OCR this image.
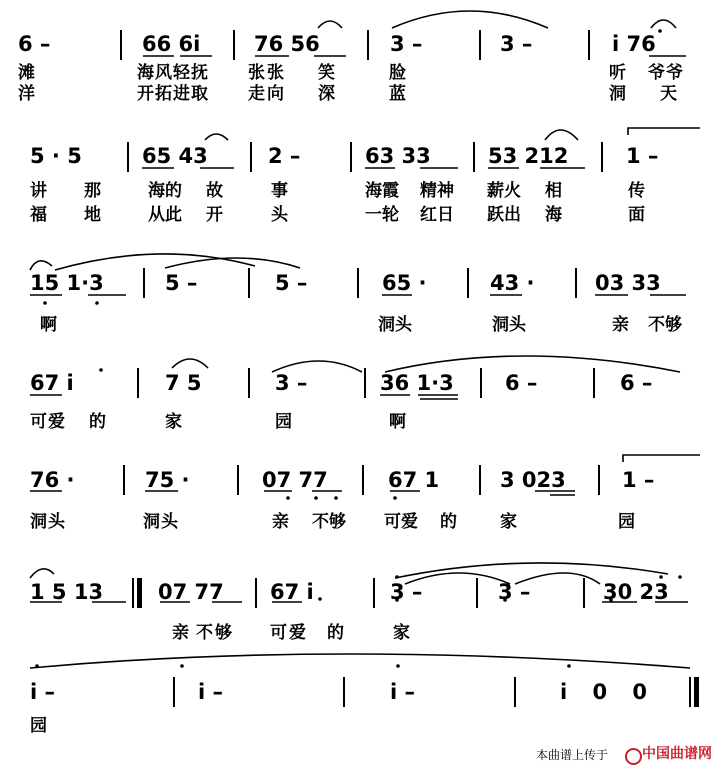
6 –	66 6i	76 56	3 –	3 –	i 76
滩	海风轻抚 张张 笑	脸	听 爷爷
洋	开拓进取 走向 深	蓝	洞 天
5 · 5	65 43	2 –	63 33	53 212	1 –
讲 那	海的 故	事	海霞 精神 薪火 相	传
福 地	从此 开	头	一轮 红日 跃出 海	面
15 1·3	5 –	5 –	65 ·	43 ·	03 33
啊	洞头	洞头	亲 不够
67 i	7 5	3 –	36 1·3 6 –	6 –
可爱 的	家	园	啊
76 ·	75 ·	07 77	67 1	3 023	1 –
洞头	洞头	亲 不够 可爱 的	家	园
1 5 13	07 77 67 i	3 –	3 –	30 23
亲 不够 可爱 的	家
i –	i –	i –	i 0 0
园
本曲谱上传于 中国曲谱网
